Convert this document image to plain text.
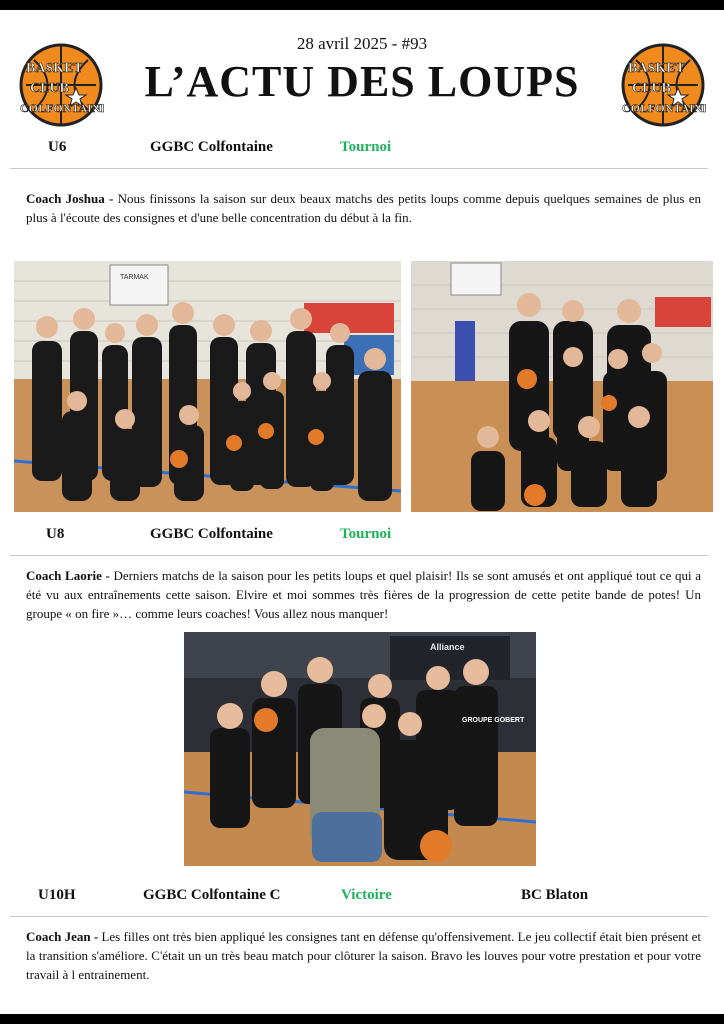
BASKET
CLUB
COLFONTAINE
BASKET
CLUB
COLFONTAINE
28 avril 2025 - #93
L’ACTU DES LOUPS
U6	GGBC Colfontaine	Tournoi
Coach Joshua - Nous finissons la saison sur deux beaux matchs des petits loups comme depuis quelques semaines de plus en plus à l'écoute des consignes et d'une belle concentration du début à la fin.
TARMAK
U8	GGBC Colfontaine	Tournoi
Coach Laorie - Derniers matchs de la saison pour les petits loups et quel plaisir! Ils se sont amusés et ont appliqué tout ce qui a été vu aux entraînements cette saison. Elvire et moi sommes très fières de la progression de cette petite bande de potes! Un groupe « on fire »… comme leurs coaches! Vous allez nous manquer!
Alliance
GROUPE GOBERT
U10H	GGBC Colfontaine C	Victoire	BC Blaton
Coach Jean - Les filles ont très bien appliqué les consignes tant en défense qu'offensivement. Le jeu collectif était bien présent et la transition s'améliore. C'était un un très beau match pour clôturer la saison. Bravo les louves pour votre prestation et pour votre travail à l entrainement.
